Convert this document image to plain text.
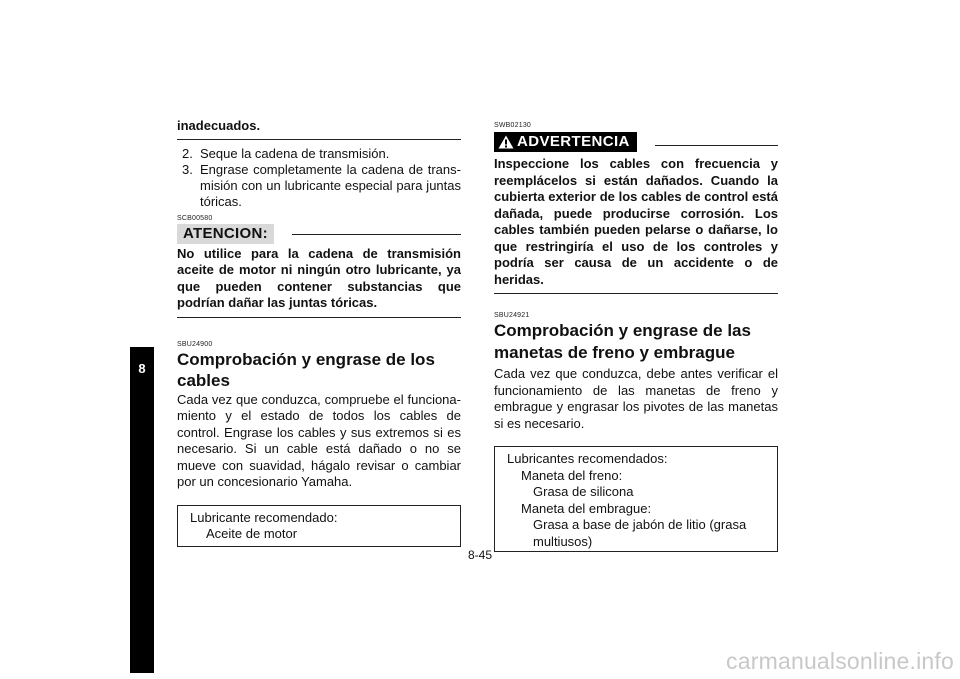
8

inadecuados.

2. Seque la cadena de transmisión.
3. Engrase completamente la cadena de transmisión con un lubricante especial para juntas tóricas.
SCB00580
ATENCION:

No utilice para la cadena de transmisión aceite de motor ni ningún otro lubricante, ya que pueden contener substancias que podrían dañar las juntas tóricas.

SBU24900
Comprobación y engrase de los cables

Cada vez que conduzca, compruebe el funcionamiento y el estado de todos los cables de control. Engrase los cables y sus extremos si es necesario. Si un cable está dañado o no se mueve con suavidad, hágalo revisar o cambiar por un concesionario Yamaha.

Lubricante recomendado:
Aceite de motor
SWB02130
ADVERTENCIA

Inspeccione los cables con frecuencia y reemplácelos si están dañados. Cuando la cubierta exterior de los cables de control está dañada, puede producirse corrosión. Los cables también pueden pelarse o dañarse, lo que restringiría el uso de los controles y podría ser causa de un accidente o de heridas.

SBU24921
Comprobación y engrase de las manetas de freno y embrague

Cada vez que conduzca, debe antes verificar el funcionamiento de las manetas de freno y embrague y engrasar los pivotes de las manetas si es necesario.

Lubricantes recomendados:
Maneta del freno:
Grasa de silicona
Maneta del embrague:
Grasa a base de jabón de litio (grasa multiusos)
8-45
carmanualsonline.info
